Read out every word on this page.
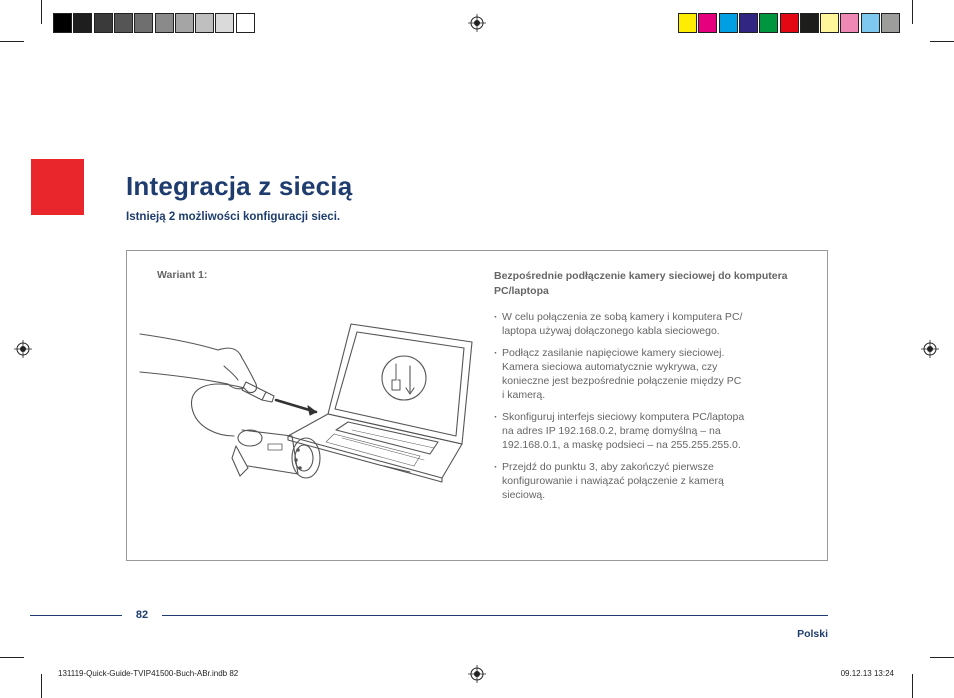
Integracja z siecią
Istnieją 2 możliwości konfiguracji sieci.
Wariant 1:	Bezpośrednie podłączenie kamery sieciowej do komputera PC/laptopa
· W celu połączenia ze sobą kamery i komputera PC/
laptopa używaj dołączonego kabla sieciowego.
· Podłącz zasilanie napięciowe kamery sieciowej.
Kamera sieciowa automatycznie wykrywa, czy
konieczne jest bezpośrednie połączenie między PC
i kamerą.
· Skonfiguruj interfejs sieciowy komputera PC/laptopa
na adres IP 192.168.0.2, bramę domyślną – na
192.168.0.1, a maskę podsieci – na 255.255.255.0.
· Przejdź do punktu 3, aby zakończyć pierwsze
konfigurowanie i nawiązać połączenie z kamerą
sieciową.
82
Polski
131119-Quick-Guide-TVIP41500-Buch-ABr.indb 82	09.12.13 13:24
